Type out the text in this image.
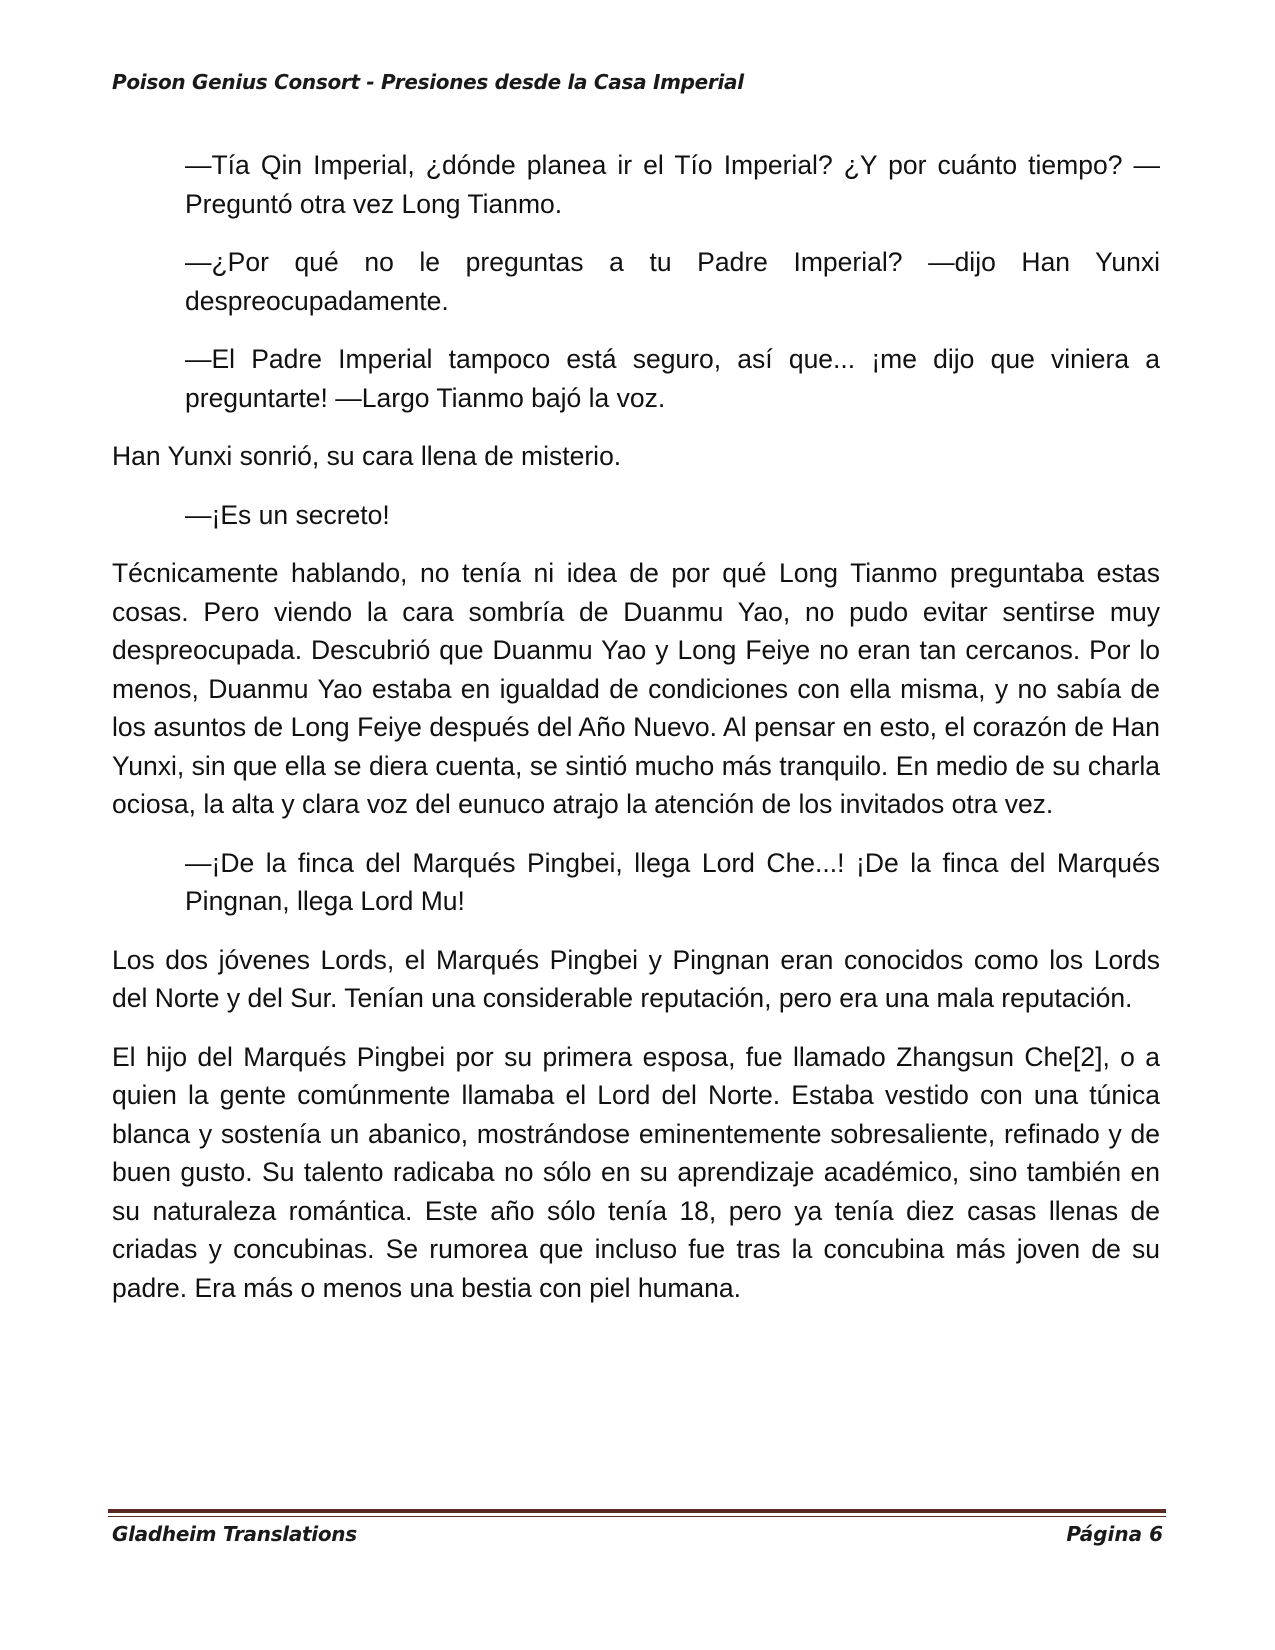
Poison Genius Consort - Presiones desde la Casa Imperial

—Tía Qin Imperial, ¿dónde planea ir el Tío Imperial? ¿Y por cuánto tiempo? —Preguntó otra vez Long Tianmo.

—¿Por qué no le preguntas a tu Padre Imperial? —dijo Han Yunxi despreocupadamente.

—El Padre Imperial tampoco está seguro, así que... ¡me dijo que viniera a preguntarte! —Largo Tianmo bajó la voz.

Han Yunxi sonrió, su cara llena de misterio.

—¡Es un secreto!

Técnicamente hablando, no tenía ni idea de por qué Long Tianmo preguntaba estas cosas. Pero viendo la cara sombría de Duanmu Yao, no pudo evitar sentirse muy despreocupada. Descubrió que Duanmu Yao y Long Feiye no eran tan cercanos. Por lo menos, Duanmu Yao estaba en igualdad de condiciones con ella misma, y no sabía de los asuntos de Long Feiye después del Año Nuevo. Al pensar en esto, el corazón de Han Yunxi, sin que ella se diera cuenta, se sintió mucho más tranquilo. En medio de su charla ociosa, la alta y clara voz del eunuco atrajo la atención de los invitados otra vez.

—¡De la finca del Marqués Pingbei, llega Lord Che...! ¡De la finca del Marqués Pingnan, llega Lord Mu!

Los dos jóvenes Lords, el Marqués Pingbei y Pingnan eran conocidos como los Lords del Norte y del Sur. Tenían una considerable reputación, pero era una mala reputación.

El hijo del Marqués Pingbei por su primera esposa, fue llamado Zhangsun Che[2], o a quien la gente comúnmente llamaba el Lord del Norte. Estaba vestido con una túnica blanca y sostenía un abanico, mostrándose eminentemente sobresaliente, refinado y de buen gusto. Su talento radicaba no sólo en su aprendizaje académico, sino también en su naturaleza romántica. Este año sólo tenía 18, pero ya tenía diez casas llenas de criadas y concubinas. Se rumorea que incluso fue tras la concubina más joven de su padre. Era más o menos una bestia con piel humana.

Gladheim Translations	Página 6
